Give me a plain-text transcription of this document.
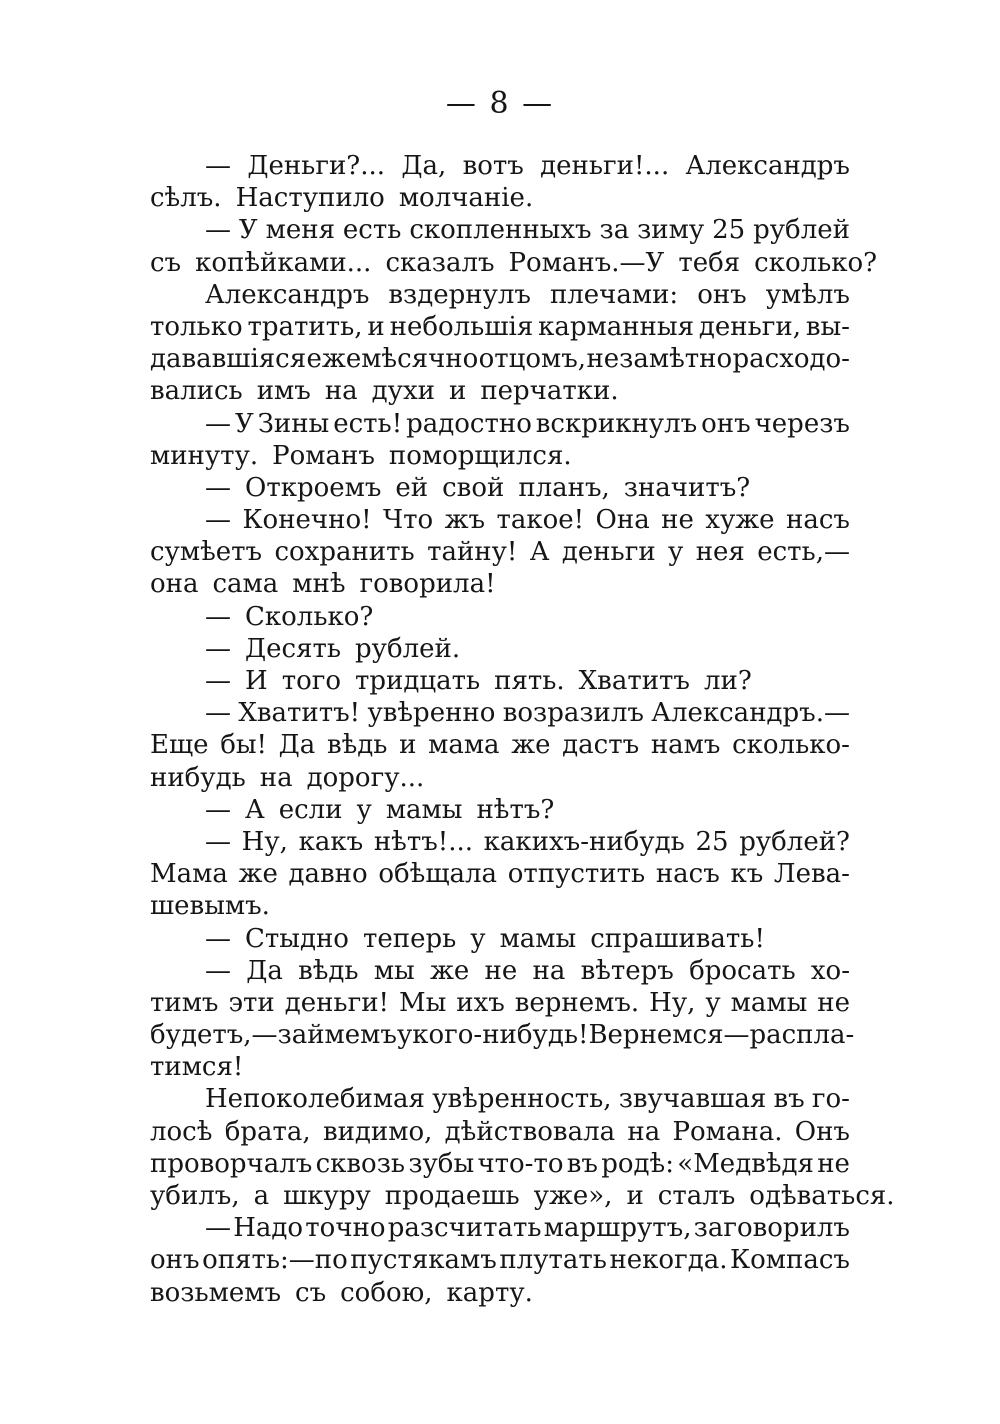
— 8 —
— Деньги?... Да, вотъ деньги!... Александръ
сѣлъ. Наступило молчаніе.
— У меня есть скопленныхъ за зиму 25 рублей
съ копѣйками... сказалъ Романъ.—У тебя сколько?
Александръ вздернулъ плечами: онъ умѣлъ
только тратить, и небольшія карманныя деньги, вы-
дававшіяся ежемѣсячно отцомъ, незамѣтно расходо-
вались имъ на духи и перчатки.
— У Зины есть! радостно вскрикнулъ онъ черезъ
минуту. Романъ поморщился.
— Откроемъ ей свой планъ, значитъ?
— Конечно! Что жъ такое! Она не хуже насъ
сумѣетъ сохранить тайну! А деньги у нея есть,—
она сама мнѣ говорила!
— Сколько?
— Десять рублей.
— И того тридцать пять. Хватитъ ли?
— Хватитъ! увѣренно возразилъ Александръ.—
Еще бы! Да вѣдь и мама же дастъ намъ сколько-
нибудь на дорогу...
— А если у мамы нѣтъ?
— Ну, какъ нѣтъ!... какихъ-нибудь 25 рублей?
Мама же давно обѣщала отпустить насъ къ Лева-
шевымъ.
— Стыдно теперь у мамы спрашивать!
— Да вѣдь мы же не на вѣтеръ бросать хо-
тимъ эти деньги! Мы ихъ вернемъ. Ну, у мамы не
будетъ,—займемъ у кого-нибудь! Вернемся—распла-
тимся!
Непоколебимая увѣренность, звучавшая въ го-
лосѣ брата, видимо, дѣйствовала на Романа. Онъ
проворчалъ сквозь зубы что-то въ родѣ: «Медвѣдя не
убилъ, а шкуру продаешь уже», и сталъ одѣваться.
— Надо точно разсчитать маршрутъ, заговорилъ
онъ опять:—по пустякамъ плутать некогда. Компасъ
возьмемъ съ собою, карту.
